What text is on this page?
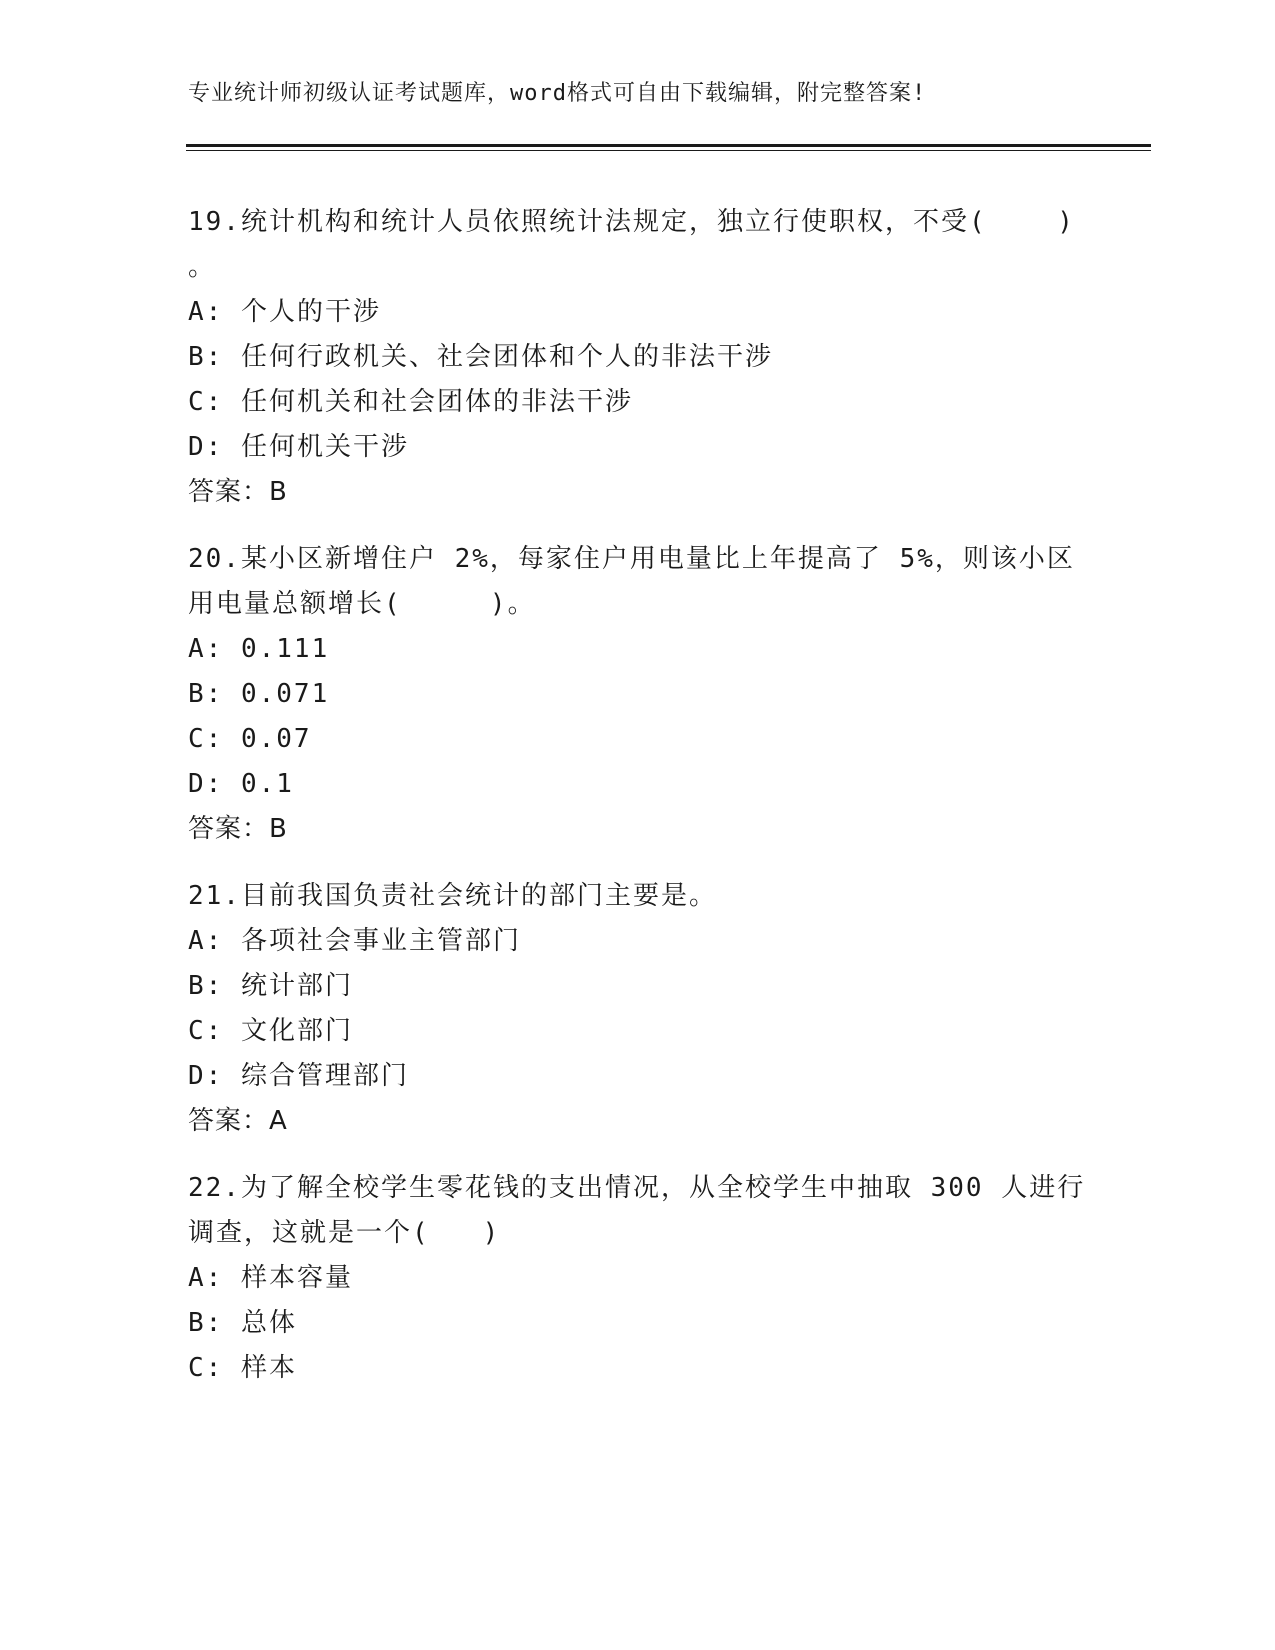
专业统计师初级认证考试题库，word格式可自由下载编辑，附完整答案!
19.统计机构和统计人员依照统计法规定，独立行使职权，不受(    )
。
A: 个人的干涉
B: 任何行政机关、社会团体和个人的非法干涉
C: 任何机关和社会团体的非法干涉
D: 任何机关干涉
答案：B
20.某小区新增住户 2%，每家住户用电量比上年提高了 5%，则该小区
用电量总额增长(     )。
A: 0.111
B: 0.071
C: 0.07
D: 0.1
答案：B
21.目前我国负责社会统计的部门主要是。
A: 各项社会事业主管部门
B: 统计部门
C: 文化部门
D: 综合管理部门
答案：A
22.为了解全校学生零花钱的支出情况，从全校学生中抽取 300 人进行
调查，这就是一个(   )
A: 样本容量
B: 总体
C: 样本
